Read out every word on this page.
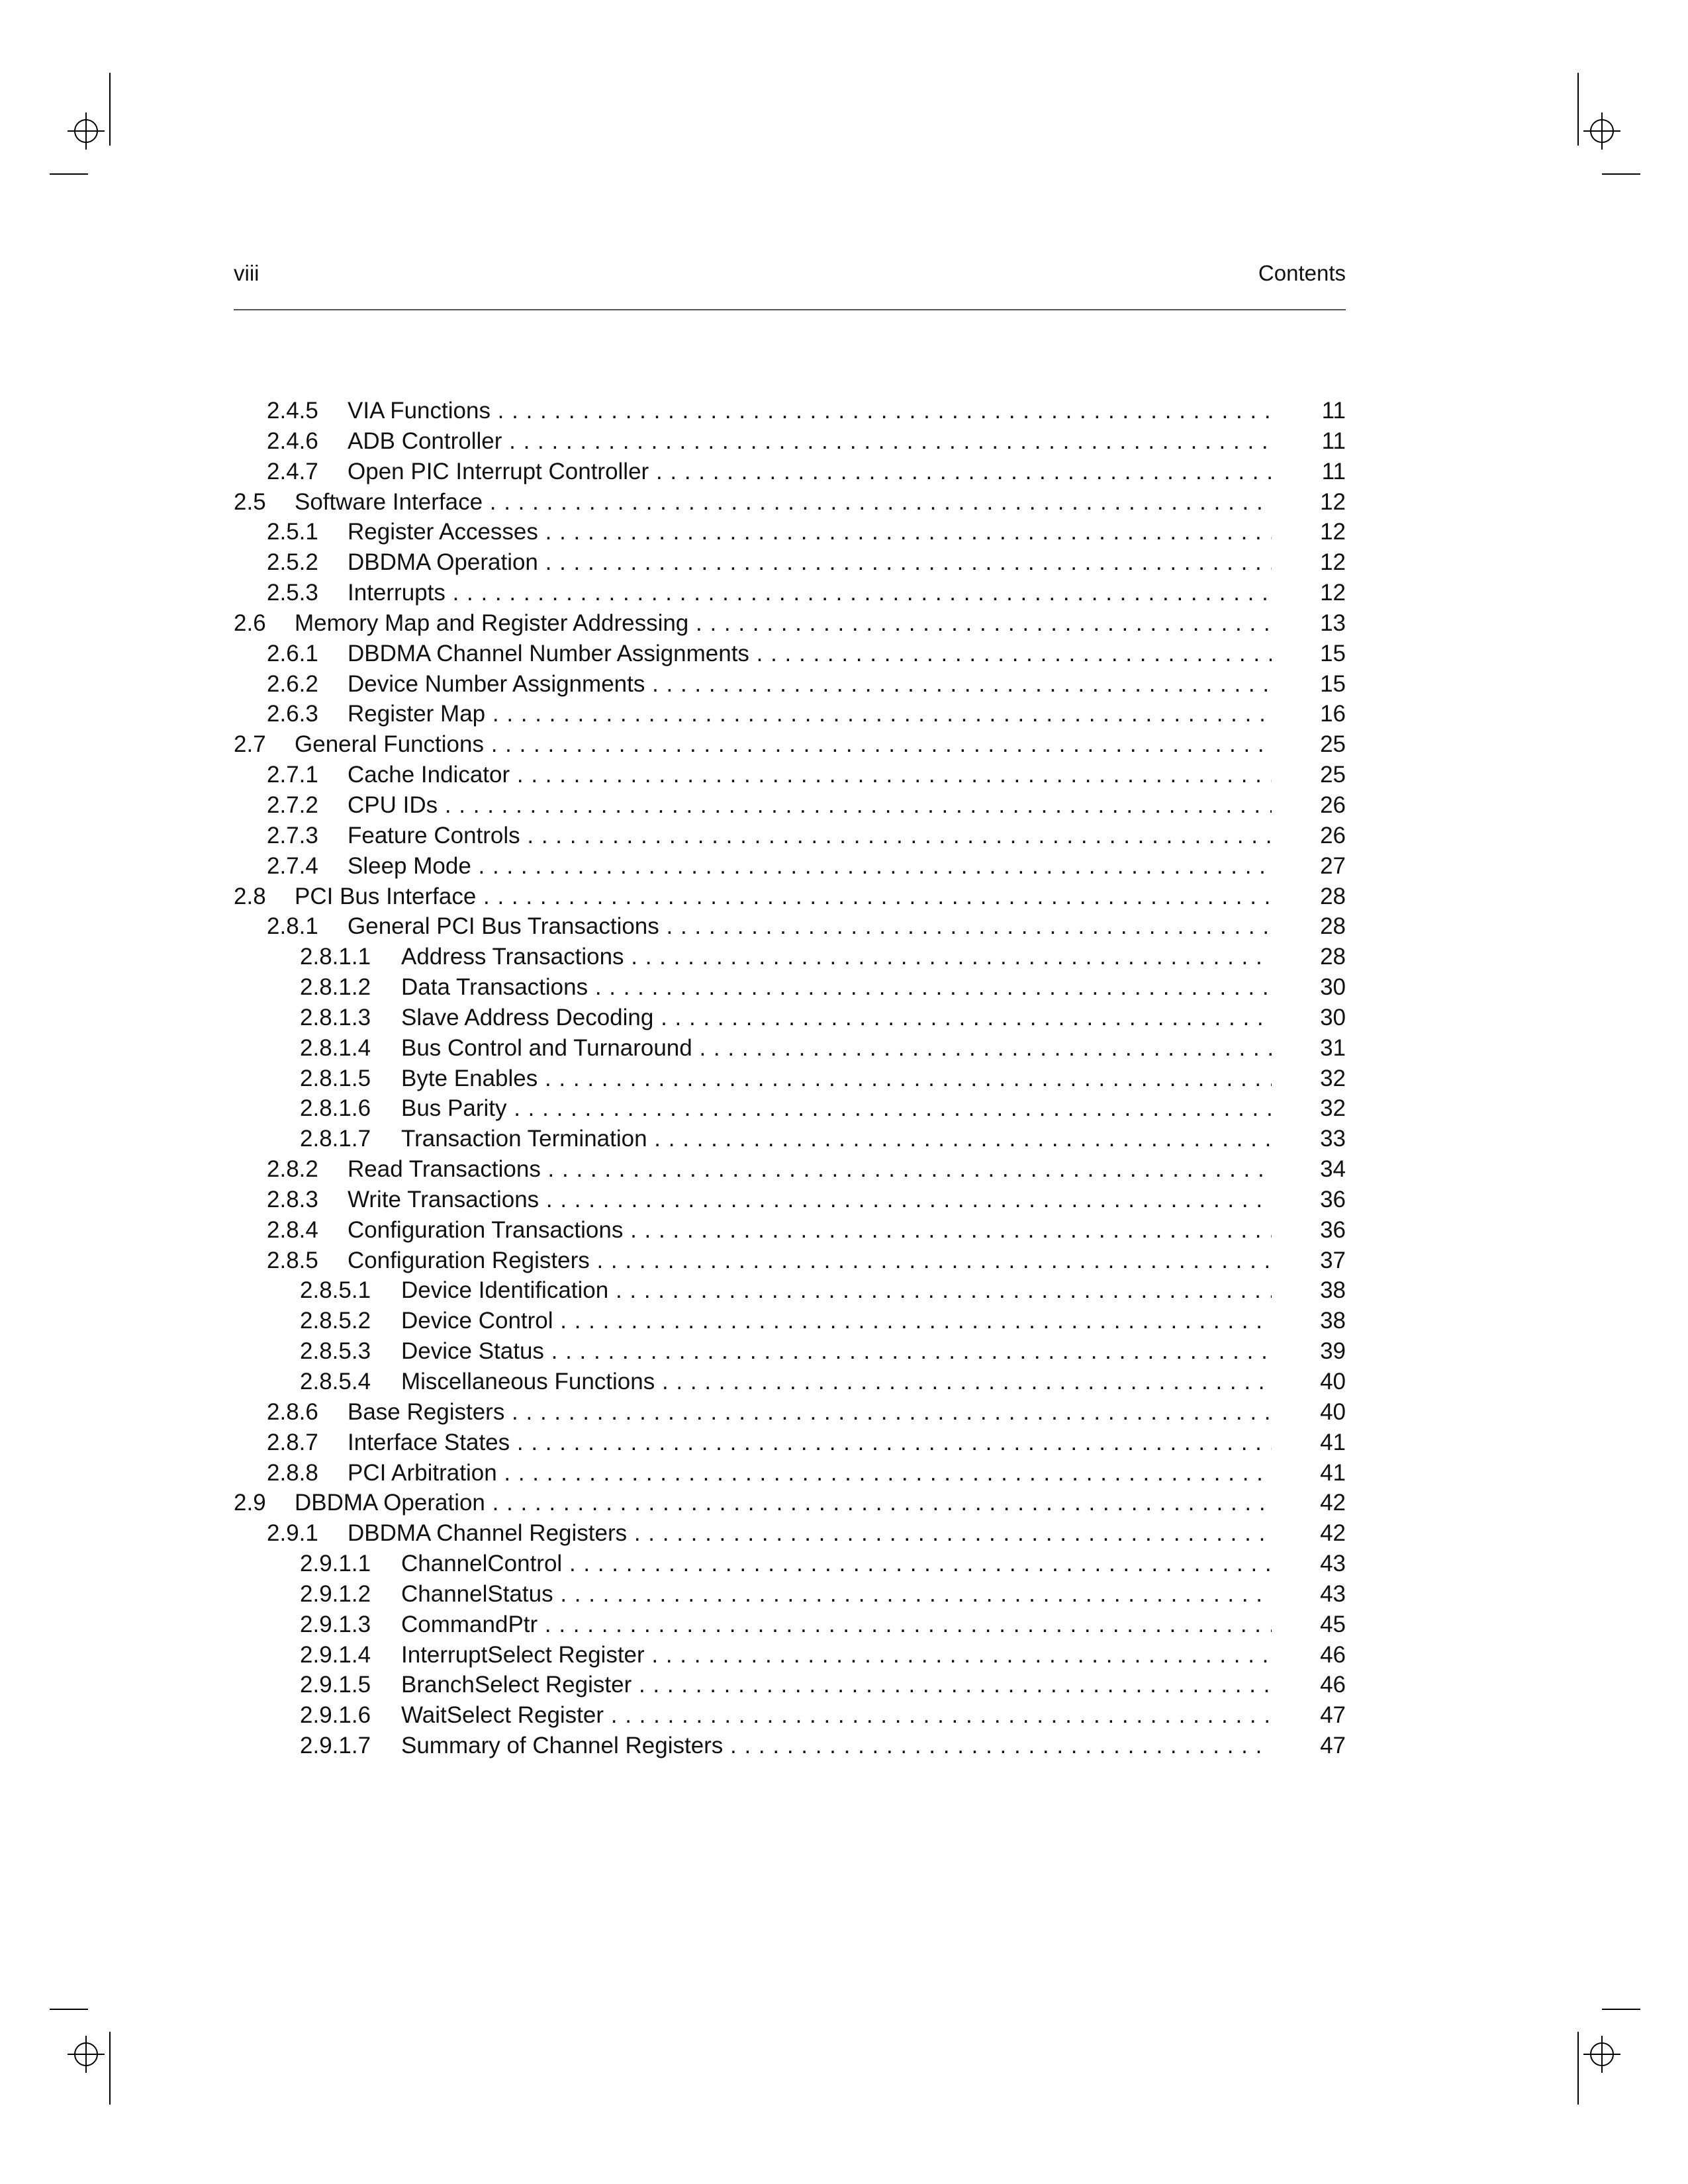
viii	Contents
2.4.5 VIA Functions . . .	11
2.4.6 ADB Controller . . .	11
2.4.7 Open PIC Interrupt Controller . . .	11
2.5 Software Interface . . .	12
2.5.1 Register Accesses . . .	12
2.5.2 DBDMA Operation . . .	12
2.5.3 Interrupts . . .	12
2.6 Memory Map and Register Addressing . . .	13
2.6.1 DBDMA Channel Number Assignments . . .	15
2.6.2 Device Number Assignments . . .	15
2.6.3 Register Map . . .	16
2.7 General Functions . . .	25
2.7.1 Cache Indicator . . .	25
2.7.2 CPU IDs . . .	26
2.7.3 Feature Controls . . .	26
2.7.4 Sleep Mode . . .	27
2.8 PCI Bus Interface . . .	28
2.8.1 General PCI Bus Transactions . . .	28
2.8.1.1 Address Transactions . . .	28
2.8.1.2 Data Transactions . . .	30
2.8.1.3 Slave Address Decoding . . .	30
2.8.1.4 Bus Control and Turnaround . . .	31
2.8.1.5 Byte Enables . . .	32
2.8.1.6 Bus Parity . . .	32
2.8.1.7 Transaction Termination . . .	33
2.8.2 Read Transactions . . .	34
2.8.3 Write Transactions . . .	36
2.8.4 Configuration Transactions . . .	36
2.8.5 Configuration Registers . . .	37
2.8.5.1 Device Identification . . .	38
2.8.5.2 Device Control . . .	38
2.8.5.3 Device Status . . .	39
2.8.5.4 Miscellaneous Functions . . .	40
2.8.6 Base Registers . . .	40
2.8.7 Interface States . . .	41
2.8.8 PCI Arbitration . . .	41
2.9 DBDMA Operation . . .	42
2.9.1 DBDMA Channel Registers . . .	42
2.9.1.1 ChannelControl . . .	43
2.9.1.2 ChannelStatus . . .	43
2.9.1.3 CommandPtr . . .	45
2.9.1.4 InterruptSelect Register . . .	46
2.9.1.5 BranchSelect Register . . .	46
2.9.1.6 WaitSelect Register . . .	47
2.9.1.7 Summary of Channel Registers . . .	47
